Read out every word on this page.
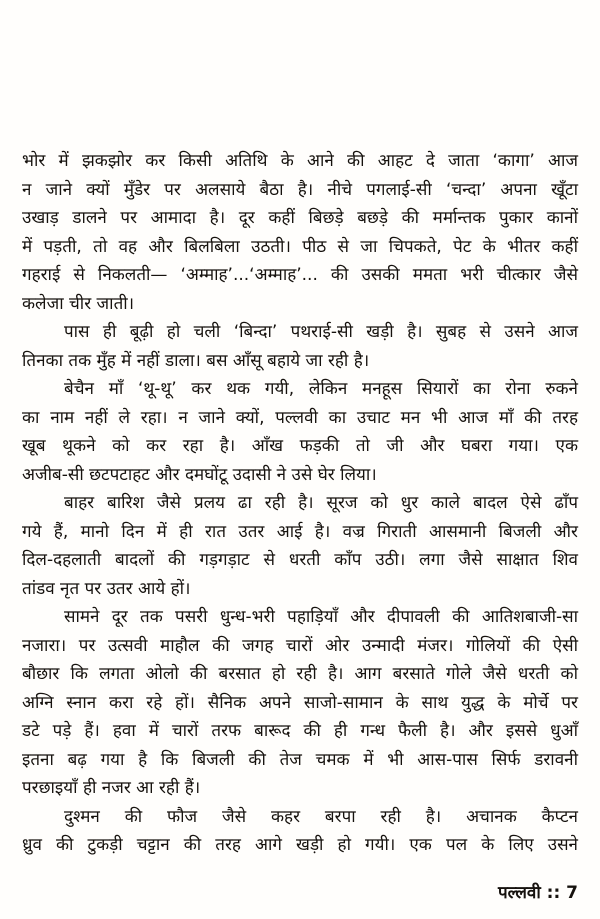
भोर में झकझोर कर किसी अतिथि के आने की आहट दे जाता ‘कागा’ आज
न जाने क्यों मुँडेर पर अलसाये बैठा है। नीचे पगलाई-सी ‘चन्दा’ अपना खूँटा
उखाड़ डालने पर आमादा है। दूर कहीं बिछड़े बछड़े की मर्मान्तक पुकार कानों
में पड़ती, तो वह और बिलबिला उठती। पीठ से जा चिपकते, पेट के भीतर कहीं
गहराई से निकलती— ‘अम्माह’...‘अम्माह’... की उसकी ममता भरी चीत्कार जैसे
कलेजा चीर जाती।
पास ही बूढ़ी हो चली ‘बिन्दा’ पथराई-सी खड़ी है। सुबह से उसने आज
तिनका तक मुँह में नहीं डाला। बस आँसू बहाये जा रही है।
बेचैन माँ ‘थू-थू’ कर थक गयी, लेकिन मनहूस सियारों का रोना रुकने
का नाम नहीं ले रहा। न जाने क्यों, पल्लवी का उचाट मन भी आज माँ की तरह
खूब थूकने को कर रहा है। आँख फड़की तो जी और घबरा गया। एक
अजीब-सी छटपटाहट और दमघोंटू उदासी ने उसे घेर लिया।
बाहर बारिश जैसे प्रलय ढा रही है। सूरज को धुर काले बादल ऐसे ढाँप
गये हैं, मानो दिन में ही रात उतर आई है। वज्र गिराती आसमानी बिजली और
दिल-दहलाती बादलों की गड़गड़ाट से धरती काँप उठी। लगा जैसे साक्षात शिव
तांडव नृत पर उतर आये हों।
सामने दूर तक पसरी धुन्ध-भरी पहाड़ियाँ और दीपावली की आतिशबाजी-सा
नजारा। पर उत्सवी माहौल की जगह चारों ओर उन्मादी मंजर। गोलियों की ऐसी
बौछार कि लगता ओलो की बरसात हो रही है। आग बरसाते गोले जैसे धरती को
अग्नि स्नान करा रहे हों। सैनिक अपने साजो-सामान के साथ युद्ध के मोर्चे पर
डटे पड़े हैं। हवा में चारों तरफ बारूद की ही गन्ध फैली है। और इससे धुआँ
इतना बढ़ गया है कि बिजली की तेज चमक में भी आस-पास सिर्फ डरावनी
परछाइयाँ ही नजर आ रही हैं।
दुश्मन की फौज जैसे कहर बरपा रही है। अचानक कैप्टन
ध्रुव की टुकड़ी चट्टान की तरह आगे खड़ी हो गयी। एक पल के लिए उसने
पल्लवी :: 7
